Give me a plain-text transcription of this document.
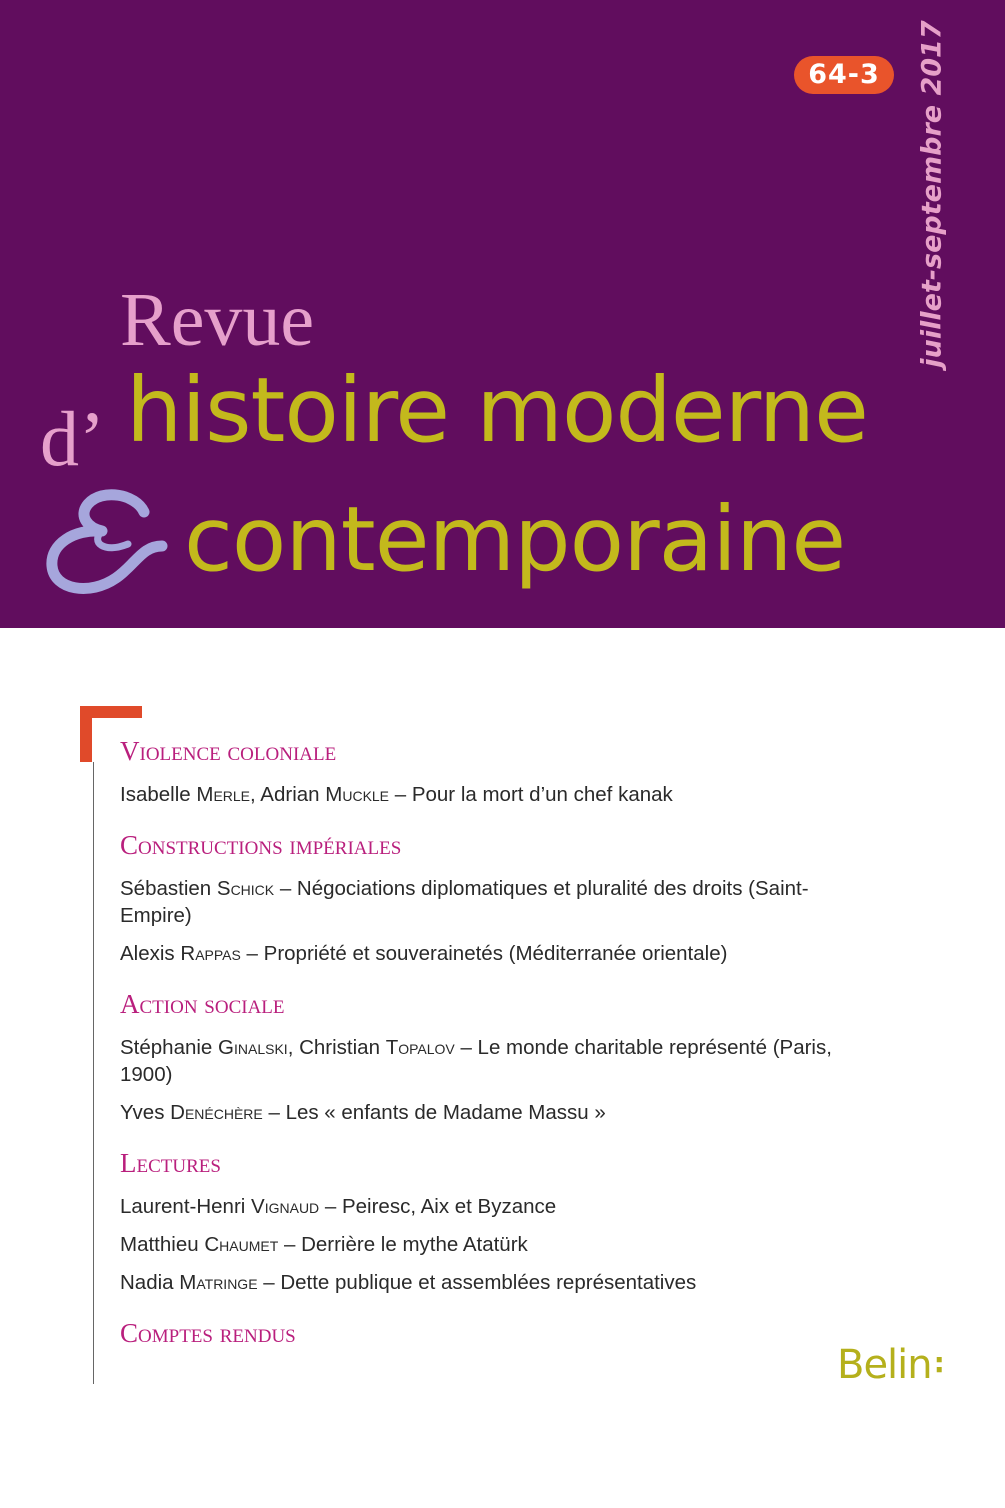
64-3	juillet-septembre 2017
Revue
d’ histoire moderne
contemporaine

Violence coloniale

Isabelle Merle, Adrian Muckle – Pour la mort d’un chef kanak

Constructions impériales

Sébastien Schick – Négociations diplomatiques et pluralité des droits (Saint-Empire)

Alexis Rappas – Propriété et souverainetés (Méditerranée orientale)

Action sociale

Stéphanie Ginalski, Christian Topalov – Le monde charitable représenté (Paris, 1900)

Yves Denéchère – Les « enfants de Madame Massu »

Lectures

Laurent-Henri Vignaud – Peiresc, Aix et Byzance

Matthieu Chaumet – Derrière le mythe Atatürk

Nadia Matringe – Dette publique et assemblées représentatives

Comptes rendus

Belin:
